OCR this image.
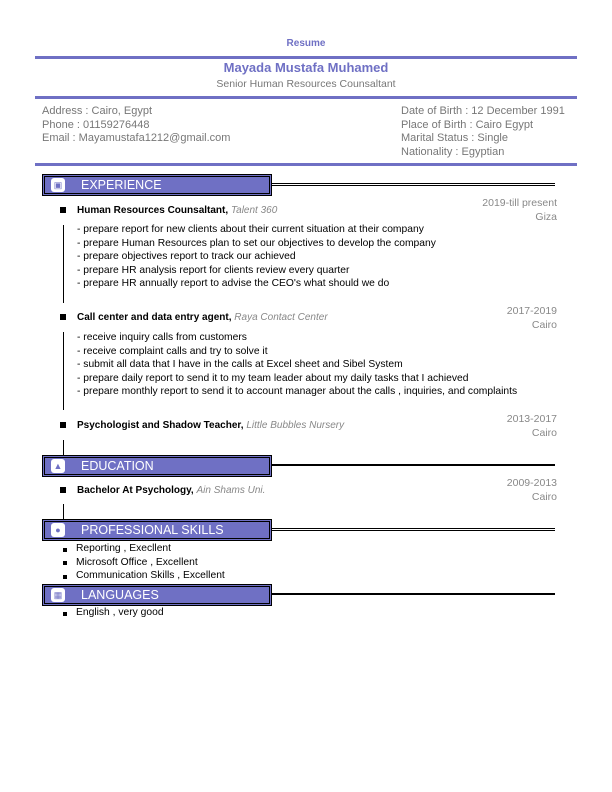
Resume
Mayada Mustafa Muhamed
Senior Human Resources Counsaltant
Address : Cairo, Egypt
Phone : 01159276448
Email : Mayamustafa1212@gmail.com
Date of Birth : 12 December 1991
Place of Birth : Cairo Egypt
Marital Status : Single
Nationality : Egyptian
▣ EXPERIENCE
Human Resources Counsaltant, Talent 360
2019-till present
Giza
- prepare report for new clients about their current situation at their company
- prepare Human Resources plan to set our objectives to develop the company
- prepare objectives report to track our achieved
- prepare HR analysis report for clients review every quarter
- prepare HR annually report to advise the CEO's what should we do
Call center and data entry agent, Raya Contact Center
2017-2019
Cairo
- receive inquiry calls from customers
- receive complaint calls and try to solve it
- submit all data that I have in the calls at Excel sheet and Sibel System
- prepare daily report to send it to my team leader about my daily tasks that I achieved
- prepare monthly report to send it to account manager about the calls , inquiries, and complaints
Psychologist and Shadow Teacher, Little Bubbles Nursery
2013-2017
Cairo
▲ EDUCATION
Bachelor At Psychology, Ain Shams Uni.
2009-2013
Cairo
●	PROFESSIONAL SKILLS
Reporting , Execllent
Microsoft Office , Excellent
Communication Skills , Excellent
▦ LANGUAGES
English , very good
